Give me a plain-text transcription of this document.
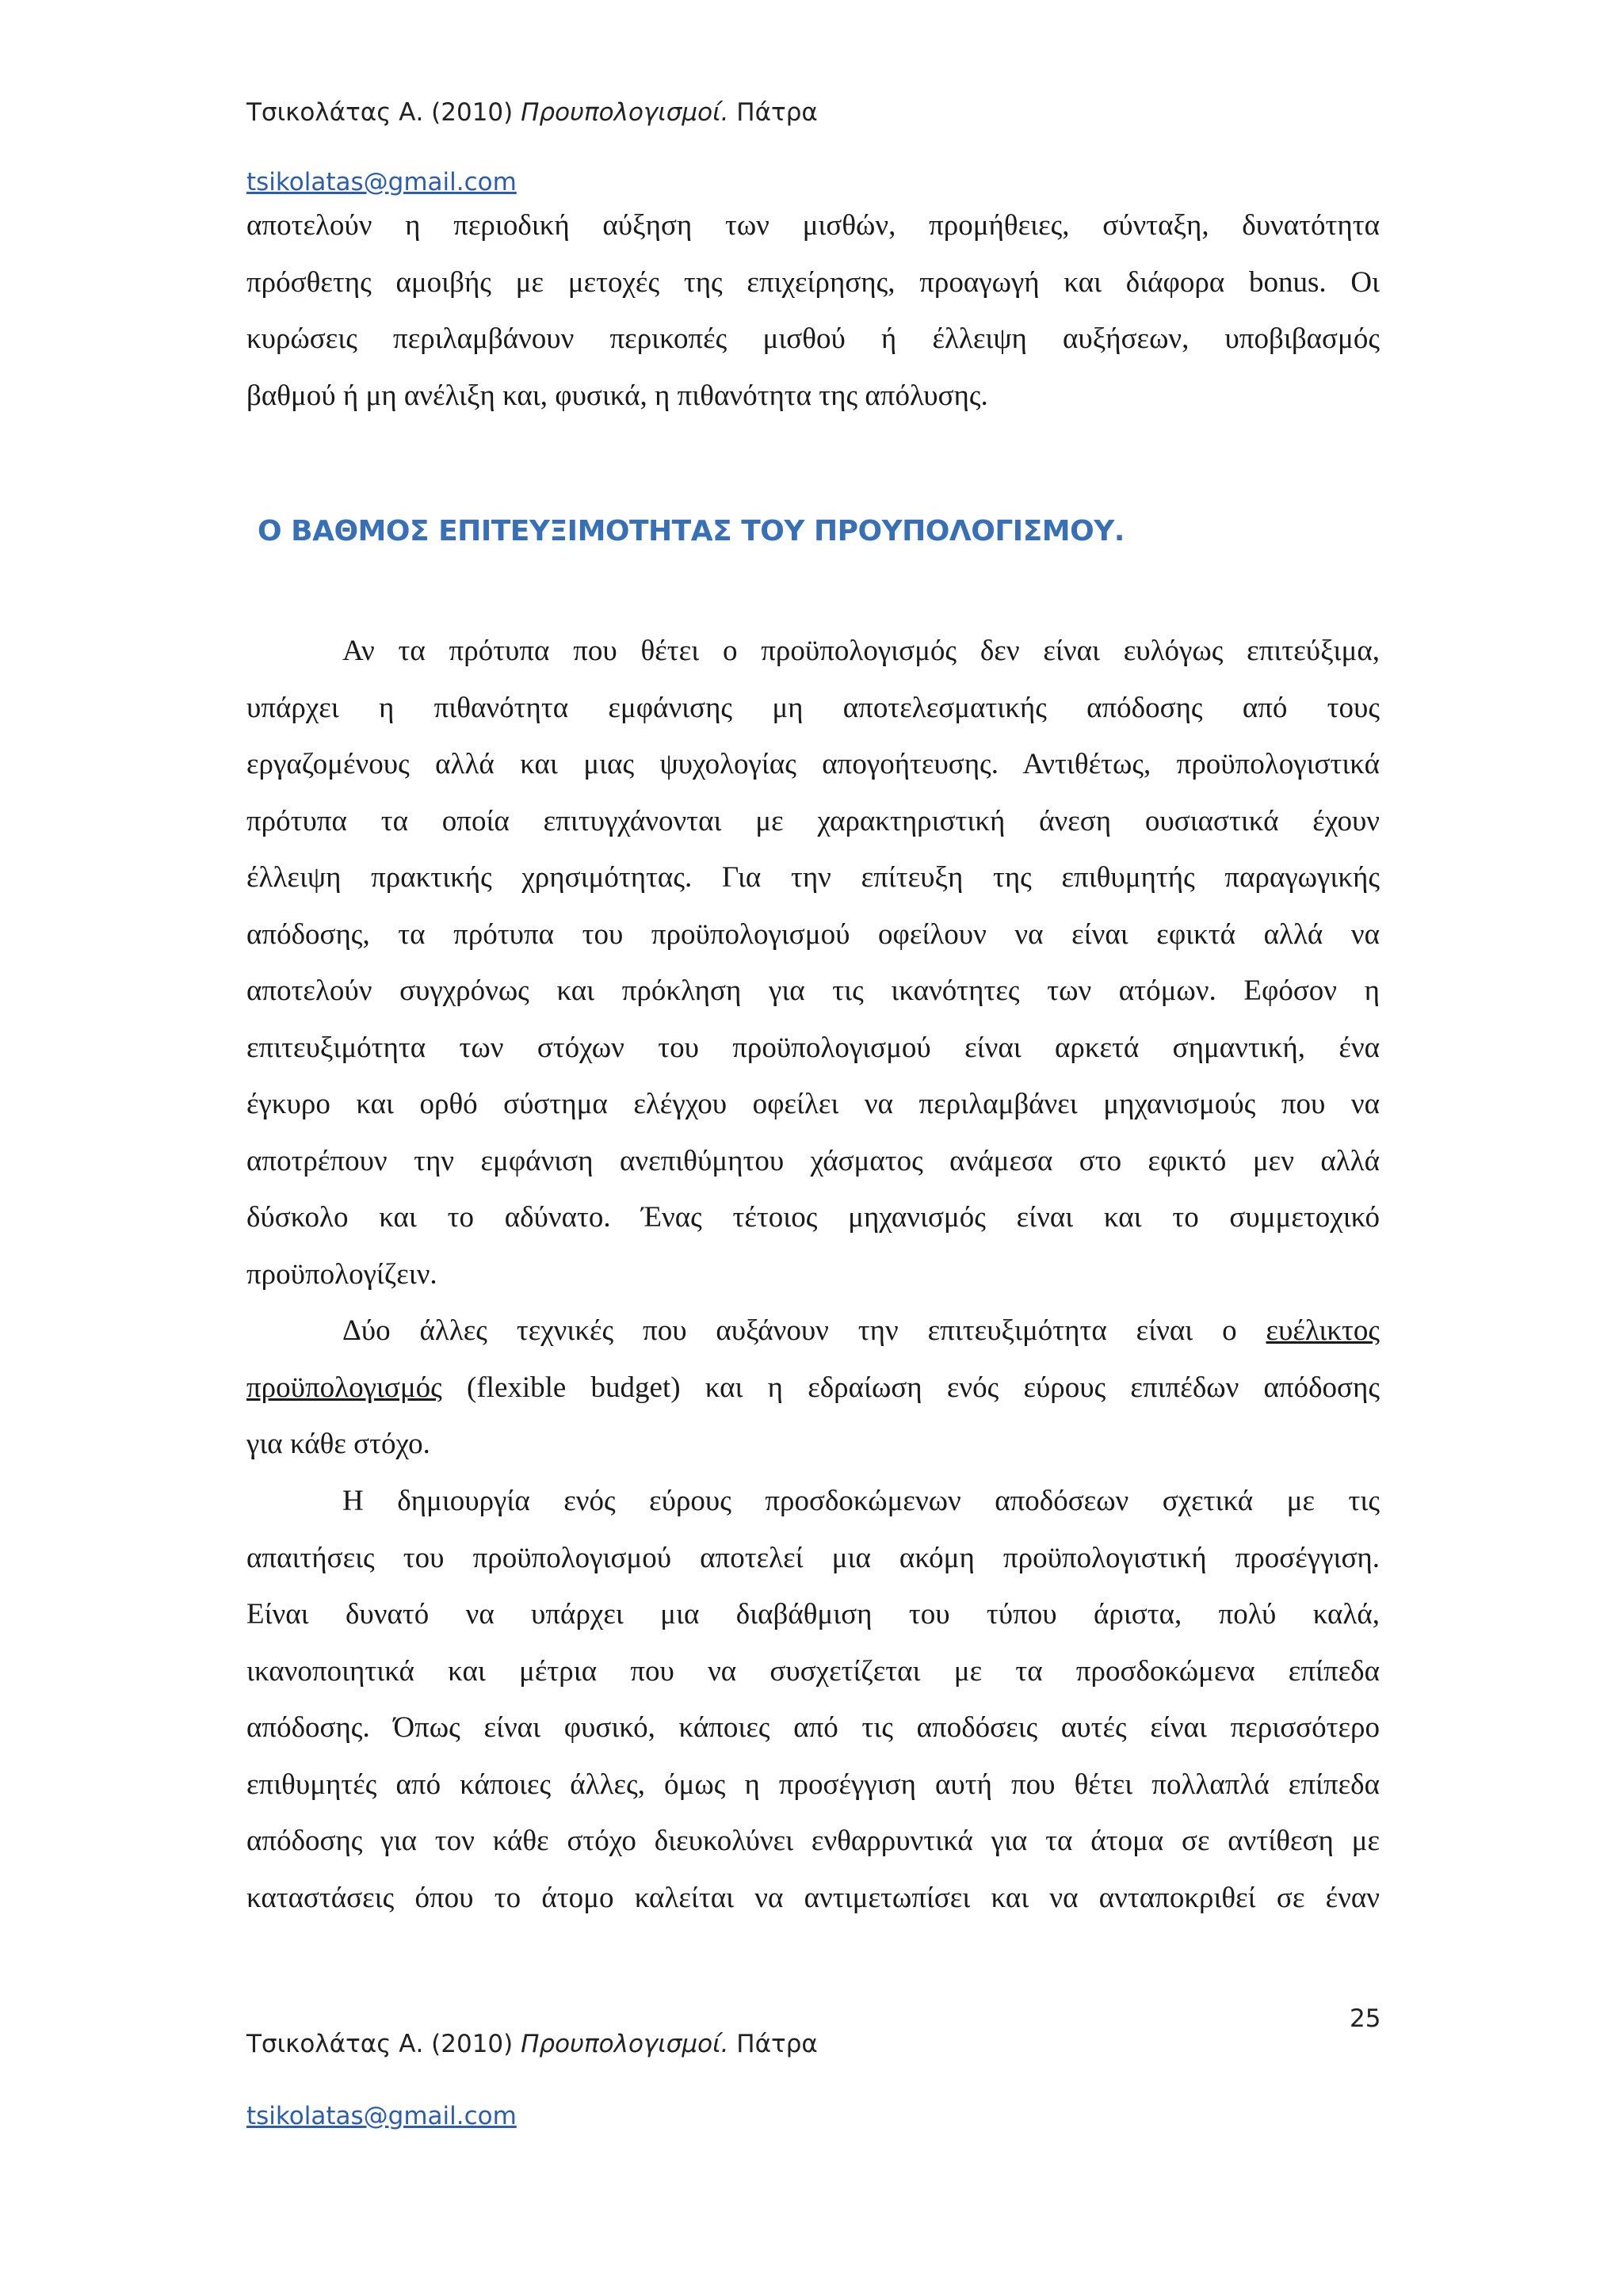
Τσικολάτας Α. (2010) Προυπολογισμοί. Πάτρα
tsikolatas@gmail.com
αποτελούν η περιοδική αύξηση των μισθών, προμήθειες, σύνταξη, δυνατότητα
πρόσθετης αμοιβής με μετοχές της επιχείρησης, προαγωγή και διάφορα bonus. Οι
κυρώσεις περιλαμβάνουν περικοπές μισθού ή έλλειψη αυξήσεων, υποβιβασμός
βαθμού ή μη ανέλιξη και, φυσικά, η πιθανότητα της απόλυσης.
Ο ΒΑΘΜΟΣ ΕΠΙΤΕΥΞΙΜΟΤΗΤΑΣ ΤΟΥ ΠΡΟΥΠΟΛΟΓΙΣΜΟΥ.
Αν τα πρότυπα που θέτει ο προϋπολογισμός δεν είναι ευλόγως επιτεύξιμα,
υπάρχει η πιθανότητα εμφάνισης μη αποτελεσματικής απόδοσης από τους
εργαζομένους αλλά και μιας ψυχολογίας απογοήτευσης. Αντιθέτως, προϋπολογιστικά
πρότυπα τα οποία επιτυγχάνονται με χαρακτηριστική άνεση ουσιαστικά έχουν
έλλειψη πρακτικής χρησιμότητας. Για την επίτευξη της επιθυμητής παραγωγικής
απόδοσης, τα πρότυπα του προϋπολογισμού οφείλουν να είναι εφικτά αλλά να
αποτελούν συγχρόνως και πρόκληση για τις ικανότητες των ατόμων. Εφόσον η
επιτευξιμότητα των στόχων του προϋπολογισμού είναι αρκετά σημαντική, ένα
έγκυρο και ορθό σύστημα ελέγχου οφείλει να περιλαμβάνει μηχανισμούς που να
αποτρέπουν την εμφάνιση ανεπιθύμητου χάσματος ανάμεσα στο εφικτό μεν αλλά
δύσκολο και το αδύνατο. Ένας τέτοιος μηχανισμός είναι και το συμμετοχικό
προϋπολογίζειν.
Δύο άλλες τεχνικές που αυξάνουν την επιτευξιμότητα είναι ο ευέλικτος
προϋπολογισμός (flexible budget) και η εδραίωση ενός εύρους επιπέδων απόδοσης
για κάθε στόχο.
Η δημιουργία ενός εύρους προσδοκώμενων αποδόσεων σχετικά με τις
απαιτήσεις του προϋπολογισμού αποτελεί μια ακόμη προϋπολογιστική προσέγγιση.
Είναι δυνατό να υπάρχει μια διαβάθμιση του τύπου άριστα, πολύ καλά,
ικανοποιητικά και μέτρια που να συσχετίζεται με τα προσδοκώμενα επίπεδα
απόδοσης. Όπως είναι φυσικό, κάποιες από τις αποδόσεις αυτές είναι περισσότερο
επιθυμητές από κάποιες άλλες, όμως η προσέγγιση αυτή που θέτει πολλαπλά επίπεδα
απόδοσης για τον κάθε στόχο διευκολύνει ενθαρρυντικά για τα άτομα σε αντίθεση με
καταστάσεις όπου το άτομο καλείται να αντιμετωπίσει και να ανταποκριθεί σε έναν
25
Τσικολάτας Α. (2010) Προυπολογισμοί. Πάτρα
tsikolatas@gmail.com
